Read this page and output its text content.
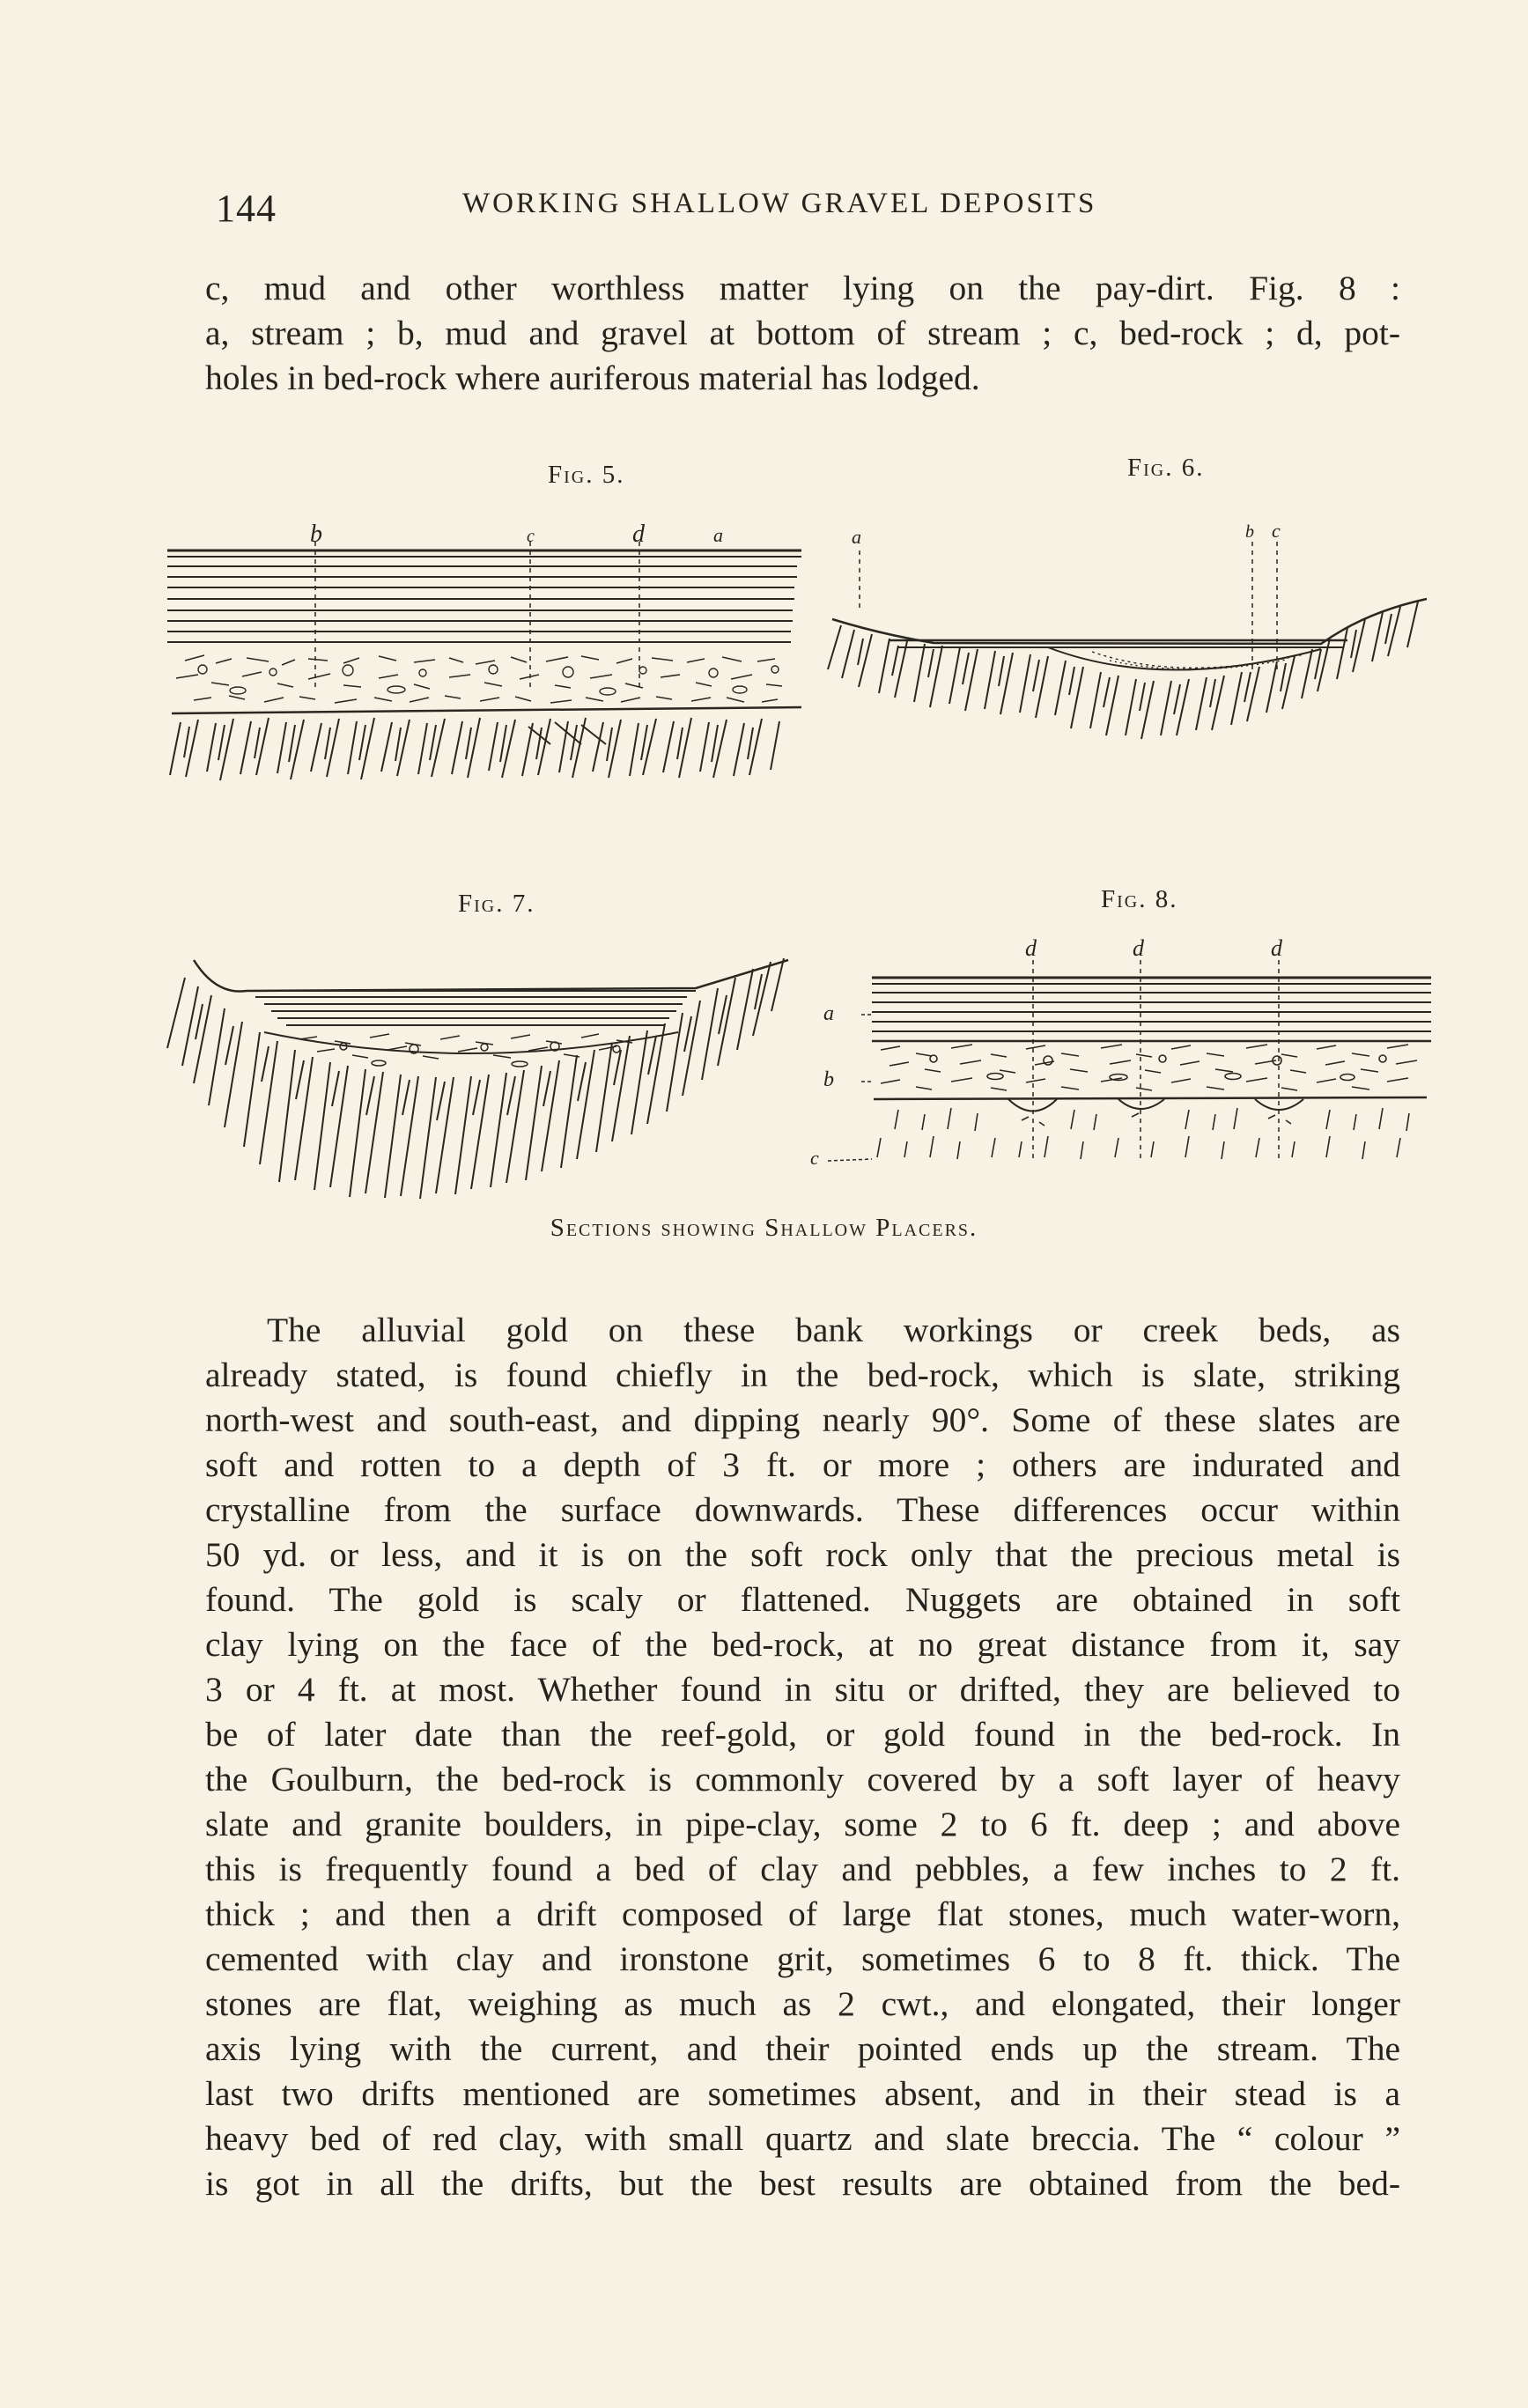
144	WORKING SHALLOW GRAVEL DEPOSITS
c, mud and other worthless matter lying on the pay-dirt. Fig. 8 :
a, stream ; b, mud and gravel at bottom of stream ; c, bed-rock ; d, pot-
holes in bed-rock where auriferous material has lodged.
Fig. 5.	Fig. 6.
Fig. 7.	Fig. 8.
b	c	d	a	a	b c
d	d	d
a
b
c
Sections showing Shallow Placers.
The alluvial gold on these bank workings or creek beds, as
already stated, is found chiefly in the bed-rock, which is slate, striking
north-west and south-east, and dipping nearly 90°. Some of these slates are
soft and rotten to a depth of 3 ft. or more ; others are indurated and
crystalline from the surface downwards. These differences occur within
50 yd. or less, and it is on the soft rock only that the precious metal is
found. The gold is scaly or flattened. Nuggets are obtained in soft
clay lying on the face of the bed-rock, at no great distance from it, say
3 or 4 ft. at most. Whether found in situ or drifted, they are believed to
be of later date than the reef-gold, or gold found in the bed-rock. In
the Goulburn, the bed-rock is commonly covered by a soft layer of heavy
slate and granite boulders, in pipe-clay, some 2 to 6 ft. deep ; and above
this is frequently found a bed of clay and pebbles, a few inches to 2 ft.
thick ; and then a drift composed of large flat stones, much water-worn,
cemented with clay and ironstone grit, sometimes 6 to 8 ft. thick. The
stones are flat, weighing as much as 2 cwt., and elongated, their longer
axis lying with the current, and their pointed ends up the stream. The
last two drifts mentioned are sometimes absent, and in their stead is a
heavy bed of red clay, with small quartz and slate breccia. The “ colour ”
is got in all the drifts, but the best results are obtained from the bed-
